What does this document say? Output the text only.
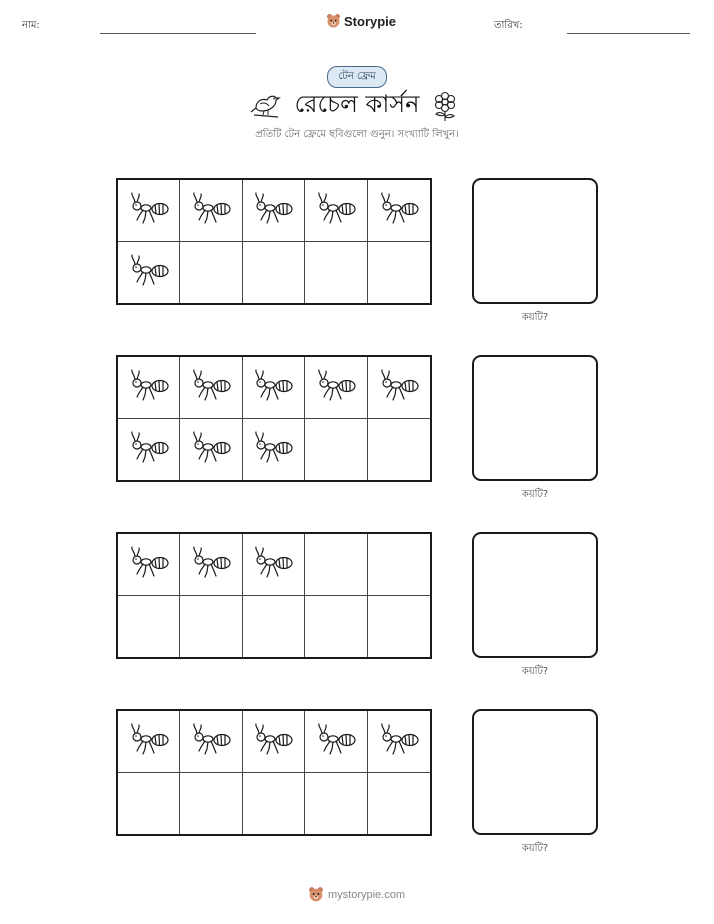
নাম:	Storypie	তারিখ:
টেন ফ্রেম
রেচেল কার্সন
প্রতিটি টেন ফ্রেমে ছবিগুলো গুনুন। সংখ্যাটি লিখুন।
কয়টি?
কয়টি?
কয়টি?
কয়টি?
mystorypie.com
